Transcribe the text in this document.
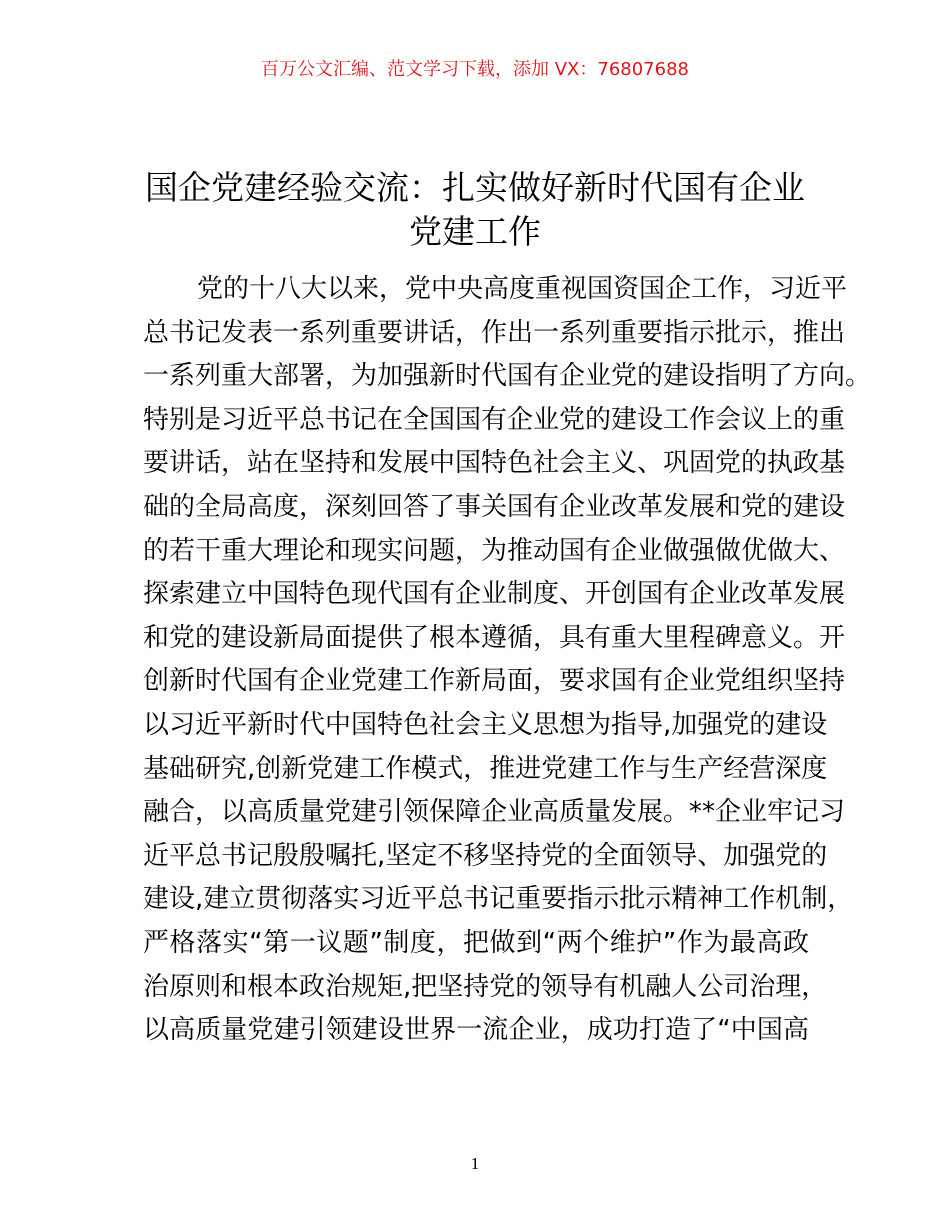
百万公文汇编、范文学习下载，添加 VX：76807688
国企党建经验交流：扎实做好新时代国有企业
党建工作
党的十八大以来，党中央高度重视国资国企工作，习近平
总书记发表一系列重要讲话，作出一系列重要指示批示，推出
一系列重大部署，为加强新时代国有企业党的建设指明了方向。
特别是习近平总书记在全国国有企业党的建设工作会议上的重
要讲话，站在坚持和发展中国特色社会主义、巩固党的执政基
础的全局高度，深刻回答了事关国有企业改革发展和党的建设
的若干重大理论和现实问题，为推动国有企业做强做优做大、
探索建立中国特色现代国有企业制度、开创国有企业改革发展
和党的建设新局面提供了根本遵循，具有重大里程碑意义。开
创新时代国有企业党建工作新局面，要求国有企业党组织坚持
以习近平新时代中国特色社会主义思想为指导,加强党的建设
基础研究,创新党建工作模式，推进党建工作与生产经营深度
融合，以高质量党建引领保障企业高质量发展。**企业牢记习
近平总书记殷殷嘱托,坚定不移坚持党的全面领导、加强党的
建设,建立贯彻落实习近平总书记重要指示批示精神工作机制，
严格落实“第一议题”制度，把做到“两个维护”作为最高政
治原则和根本政治规矩,把坚持党的领导有机融人公司治理，
以高质量党建引领建设世界一流企业，成功打造了“中国高
1
